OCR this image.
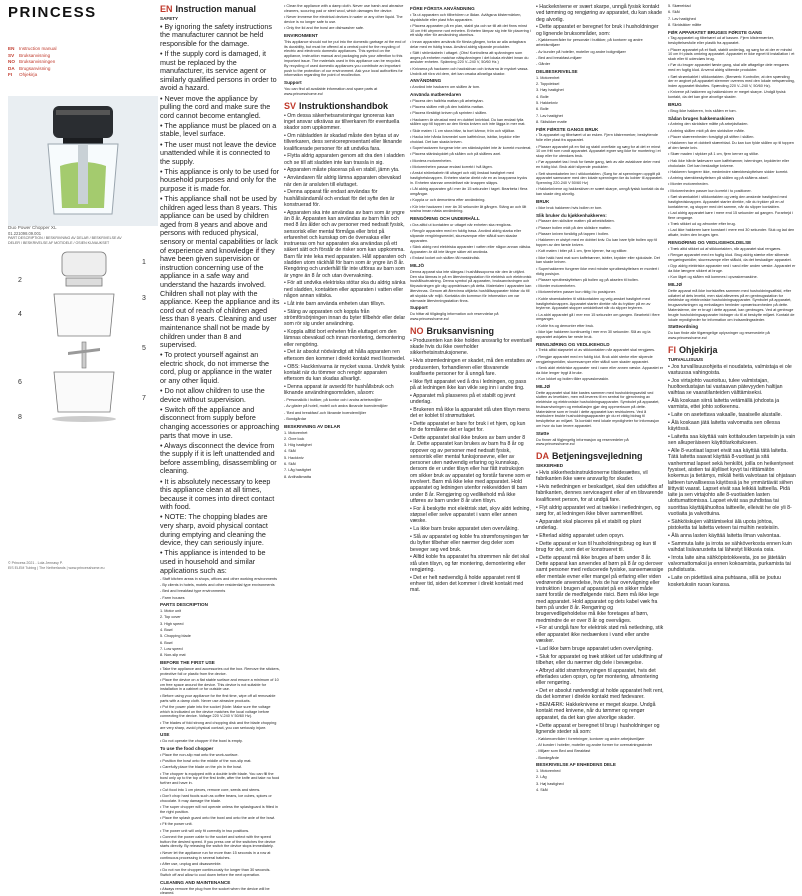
PRINCESS
EN Instruction manual
SV Bruksanvisning
NO Bruksanvisningen
DA Brugsanvisning
FI Ohjekirja
Duo Power Chopper XL
01.221098.09.001
PART DESCRIPTION / BESKRIVNING AV DELAR / BESKRIVELSE AV DELER / BESKRIVELSE AF MOTIDELE / OSIEN KUVAUKSET
1
2
3
4
5
6
7
8
© Princess 2021 - Lola Jennasy P.
ElS ELEM Tubing | The Netherlands | www.princesshome.eu
EN Instruction manual
SAFETY

• By ignoring the safety instructions the manufacturer cannot be held responsible for the damage.

• If the supply cord is damaged, it must be replaced by the manufacturer, its service agent or similarly qualified persons in order to avoid a hazard.

• Never move the appliance by pulling the cord and make sure the cord cannot become entangled.

• The appliance must be placed on a stable, level surface.

• The user must not leave the device unattended while it is connected to the supply.

• This appliance is only to be used for household purposes and only for the purpose it is made for.

• This appliance shall not be used by children aged less than 8 years. This appliance can be used by children aged from 8 years and above and persons with reduced physical, sensory or mental capabilities or lack of experience and knowledge if they have been given supervision or instruction concerning use of the appliance in a safe way and understand the hazards involved. Children shall not play with the appliance. Keep the appliance and its cord out of reach of children aged less than 8 years. Cleaning and user maintenance shall not be made by children under than 8 and supervised.

• To protect yourself against an electric shock, do not immerse the cord, plug or appliance in the water or any other liquid.

• Do not allow children to use the device without supervision.

• Switch off the appliance and disconnect from supply before changing accessories or approaching parts that move in use.

• Always disconnect the device from the supply if it is left unattended and before assembling, disassembling or cleaning.

• It is absolutely necessary to keep this appliance clean at all times, because it comes into direct contact with food.

• NOTE: The chopping blades are very sharp, avoid physical contact during emptying and cleaning the device, they can seriously injure.

• This appliance is intended to be used in household and similar applications such as:

- Staff kitchen areas in shops, offices and other working environments

- By clients in hotels, motels and other residential type environments

- Bed and breakfast type environments

- Farm houses

PARTS DESCRIPTION

1. Motor unit

2. Top cover

3. High speed

4. Bowl

5. Chopping blade

6. Bowl

7. Low speed

8. Non-slip mat

BEFORE THE FIRST USE

• Take the appliance and accessories out the box. Remove the stickers, protective foil or plastic from the device.

• Place the device on a flat stable surface and ensure a minimum of 10 cm free space around the device. This device is not suitable for installation in a cabinet or for outside use.

• Before using your appliance for the first time, wipe off all removable parts with a damp cloth. Never use abrasive products.

• Put the power plate into the socket (Note: Make sure the voltage which is indicated on the device matches the local voltage before connecting the device. Voltage 220 V-240 V 50/60 Hz).

• The blades of fold strong and chopping disk and the blade chopping are very sharp, avoid physical contact, you can seriously injure.

USE

• Do not operate the chopper if the bowl is empty.

To use the food chopper

• Place the non-slip mat onto the work-surface.

• Position the bowl onto the middle of the non-slip mat.

• Carefully place the blade on the pin in the bowl.

• The chopper is equipped with a double knife blade. You can fill the bowl only up to the top of the first knife, after the knife and take no food further and have in.

• Cut food into 1 cm pieces, remove core, seeds and stems.

• Don't chop hard foods such as coffee beans, ice cubes, spices or chocolate. It may damage the blade.

• The super chopper will not operate unless the splashguard is fitted in the right position.

• Place the splash guard onto the bowl and onto the axle of the bowl.

• Fit the power unit.

• The power unit will only fit correctly in two positions.

• Connect the power cable to the socket and select with the speed button the desired speed. If you press one of the switches the device starts directly. By releasing the switch the device stops immediately.

• Never let the appliance run for more than 15 seconds in a row at continuous processing in several batches.

• After use, unplug and disassemble.

• Do not run the chopper continuously for longer than 30 seconds. Switch off and allow to cool down before the next operation.

CLEANING AND MAINTENANCE

• Always remove the plug from the socket when the device will be cleaned.

• Clean the appliance with a damp cloth. Never use harsh and abrasive cleaners, scouring pad or steel wool, which damages the device.

• Never immerse the electrical devices in water or any other liquid. The device is no longer safe to use.

• Only the lid and the bowl are dishwasher safe.

ENVIRONMENT

This appliance should not be put into the domestic garbage at the end of its durability, but must be offered at a central point for the recycling of electric and electronic domestic appliances. This symbol on the appliance, instruction manual and packaging puts your attention to this important issue. The materials used in this appliance can be recycled. By recycling of used domestic appliances you contribute an important push to the protection of our environment. Ask your local authorities for information regarding the point of recollection.

Support

You can find all available information and spare parts at www.princesshome.eu!

SV Instruktionshandbok

• Om dessa säkerhetsanvisningar ignoreras kan inget ansvar utkrävas av tillverkaren för eventuella skador som uppkommer.

• Om nätsladden är skadad måste den bytas ut av tillverkaren, dess servicerepresentant eller liknande kvalificerade personer för att undvika fara.

• Flytta aldrig apparaten genom att dra den i sladden och se till att sladden inte kan trassla in sig.

• Apparaten måste placeras på en stabil, jämn yta.

• Användaren får aldrig lämna apparaten obevakad när den är ansluten till eluttaget.

• Denna apparat får endast användas för hushållsändamål och endast för det syfte den är konstruerad för.

• Apparaten ska inte användas av barn som är yngre än 8 år. Apparaten kan användas av barn från och med 8 års ålder och av personer med nedsatt fysisk, sensorisk eller mental förmåga eller brist på erfarenhet och kunskap om de övervakas eller instrueras om hur apparaten ska användas på ett säkert sätt och förstår de risker som kan uppkomma. Barn får inte leka med apparaten. Håll apparaten och sladden utom räckhåll för barn som är yngre än 8 år. Rengöring och underhåll får inte utföras av barn som är yngre än 8 år och utan övervakning.

• För att undvika elektriska stötar ska du aldrig sänka ned sladden, kontakten eller apparaten i vatten eller någon annan vätska.

• Låt inte barn använda enheten utan tillsyn.

• Stäng av apparaten och koppla från strömförsörjningen innan du byter tillbehör eller delar som rör sig under användning.

• Koppla alltid bort enheten från eluttaget om den lämnas obevakad och innan montering, demontering eller rengöring.

• Det är absolut nödvändigt att hålla apparaten ren eftersom den kommer i direkt kontakt med livsmedel.

• OBS: Hackknivarna är mycket vassa. Undvik fysisk kontakt när du tömmer och rengör apparaten eftersom du kan skadas allvarligt.

• Denna apparat är avsedd för hushållsbruk och liknande användningsområden, såsom:

- Personalkök i butiker, på kontor och i andra arbetsmiljöer

- Av gäster på hotell, motell och andra liknande boendemiljöer

- 'Bed and breakfast'-och liknande boendemiljöer

- Bondgårdar

BESKRIVNING AV DELAR

1. Motorenhet

2. Övre lock

3. Hög hastighet

4. Skål

5. Hackkniv

6. Skål

7. Låg hastighet

8. Antihalkmatta

FÖRE FÖRSTA ANVÄNDNING

• Ta ut apparaten och tillbehören ur lådan. Avlägsna klistermärken, skyddsfolie eller plast från apparaten.

• Placera apparaten på en plan, stabil yta och se till att det finns minst 10 cm fritt utrymme runt enheten. Enheten lämpar sig inte för placering i ett skåp eller för användning utomhus.

• Innan apparaten används för första gången, torka av alla avtagbara delar med en fuktig trasa. Använd aldrig slipande produkter.

• Sätt i strömkabeln i uttaget. (Obs! Kontrollera att spänningen som anges på enheten matchar nätspänningen i det lokala elnätet innan du ansluter enheten. Spänning 220 V–240 V, 50/60 Hz.)

• Knivarna på hackaren och hackskivan och knivarna är mycket vassa. Undvik att röra vid dem, det kan orsaka allvarliga skador.

ANVÄNDNING

• Använd inte hackaren om skålen är tom.

Använda matberedaren

• Placera den halkfria mattan på arbetsytan.

• Placera skålen mitt på den halkfria mattan.

• Placera försiktigt kniven på sprinten i skålen.

• Hackaren är utrustad med en dubbel knivblad. Du kan endast fylla skålen upp till toppen av den första kniven och inte lägga in mer mat.

• Skär maten i 1 cm stora bitar, ta bort kärnor, frön och stjälkar.

• Hacka inte hårda livsmedel som kaffebönor, isbitar, kryddor eller choklad. Det kan skada kniven.

• Superhackaren fungerar inte om stänkskyddet inte är korrekt monterat.

• Placera stänkskyddet på skålen och på skålens axel.

• Montera motorenheten.

• Motorenheten passar endast korrekt i två lägen.

• Anslut strömkabeln till uttaget och välj önskad hastighet med hastighetsknappen. Enheten startar direkt när en av knapparna trycks in. Enheten stannar omedelbart när knappen släpps.

• Låt aldrig apparaten gå i mer än 15 sekunder i taget. Bearbeta i flera omgångar.

• Koppla ur och demontera efter användning.

• Kör inte hackaren i mer än 30 sekunder åt gången. Stäng av och låt svalna innan nästa användning.

RENGÖRING OCH UNDERHÅLL

• Dra alltid ut kontakten ur uttaget när enheten ska rengöras.

• Rengör apparaten med en fuktig trasa. Använd aldrig starka eller slipande rengöringsmedel, skursvampar eller stålull som skadar apparaten.

• Sänk aldrig ned elektriska apparater i vatten eller någon annan vätska. Apparaten är då inte längre säker att använda.

• Endast locket och skålen tål maskindisk.

MILJÖ

Denna apparat ska inte slängas i hushållssoporna när den är uttjänt. Den ska lämnas in på en återvinningsstation för elektrisk och elektronisk hushållsutrustning. Denna symbol på apparaten, bruksanvisningen och förpackningen gör dig uppmärksam på detta. Materialen i apparaten kan återvinnas. Genom att återvinna uttjänta hushållsapparater bidrar du till att skydda vår miljö. Kontakta din kommun för information om var närmaste återvinningsstation finns.

Support

Du hittar all tillgänglig information och reservdelar på www.princesshome.eu!

NO Bruksanvisning

• Produsenten kan ikke holdes ansvarlig for eventuell skade hvis du ikke overholder sikkerhetsinstruksjonene.

• Hvis strømledningen er skadet, må den erstattes av produsenten, forhandleren eller tilsvarende kvalifiserte personer for å unngå fare.

• Ikke flytt apparatet ved å dra i ledningen, og pass på at ledningen ikke kan vikle seg inn i andre ting.

• Apparatet må plasseres på et stabilt og jevnt underlag.

• Brukeren må ikke la apparatet stå uten tilsyn mens det er koblet til strømuttaket.

• Dette apparatet er bare for bruk i et hjem, og kun for de formålene det er laget for.

• Dette apparatet skal ikke brukes av barn under 8 år. Dette apparatet kan brukes av barn fra 8 år og oppover og av personer med nedsatt fysisk, sensorisk eller mental funksjonsevne, eller av personer uten nødvendig erfaring og kunnskap, dersom de er under tilsyn eller har fått instruksjon om sikker bruk av apparatet og forstår farene som er involvert. Barn må ikke leke med apparatet. Hold apparatet og ledningen utenfor rekkevidden til barn under 8 år. Rengjøring og vedlikehold må ikke utføres av barn under 8 år uten tilsyn.

• For å beskytte mot elektrisk støt, skyv aldri ledning, støpsel eller selve apparatet i vann eller annen væske.

• La ikke barn bruke apparatet uten overvåking.

• Slå av apparatet og koble fra strømforsyningen før du bytter tilbehør eller nærmer deg deler som beveger seg ved bruk.

• Alltid koble fra apparatet fra strømmen når det skal stå uten tilsyn, og før montering, demontering eller rengjøring.

• Det er helt nødvendig å holde apparatet rent til enhver tid, siden det kommer i direkt kontakt med mat.

• Hackeknivene er svært skarpe, unngå fysisk kontakt ved tømming og rengjøring av apparatet, du kan skade deg alvorlig.

• Dette apparatet er beregnet for bruk i husholdninger og lignende bruksområder, som:

- Kjøkkenområder for personale i butikker, på kontorer og andre arbeidsmiljøer

- Av kunder på hoteller, moteller og andre boligmiljøer

- Bed and breakfast-miljøer

- Gårder

DELBESKRIVELSE

1. Motorenhet

2. Toppdeksel

3. Høy hastighet

4. Bolle

5. Hakkekniv

6. Bolle

7. Lav hastighet

8. Sklisikker matte

FØR FØRSTE GANGS BRUK

• Ta apparatet og tilbehøret ut av esken. Fjern klistremerker, beskyttende folie eller plast fra apparatet.

• Plasser apparatet på en flat og stabil overflate og sørg for at det er minst 10 cm fritt rom rundt apparatet. Apparatet egner seg ikke for montering i et skap eller for utendørs bruk.

• Før apparatet tas i bruk for første gang, tørk av alle avtakbare deler med en fuktig klut. Bruk aldri slipende produkter.

• Sett strømkabelen inn i stikkontakten. (Sørg for at spenningen oppgitt på apparatet samsvarer med den lokale spenningen før du kobler til apparatet. Spenning 220-240 V 50/60 Hz)

• Hakkeknivene og hakkeskiven er svært skarpe, unngå fysisk kontakt da du kan skade deg alvorlig.

BRUK

• Ikke bruk hakkeren hvis bollen er tom.

Slik bruker du kjøkkenhakkeren:

• Plasser den sklisikre matten på arbeidsflaten.

• Plasser bollen midt på den sklisikre matten.

• Plasser kniven forsiktig på tappen i bollen.

• Hakkeren er utstyrt med en dobbel kniv. Du kan bare fylle bollen opp til toppen av den første kniven.

• Kutt maten i biter på 1 cm, fjern kjerner, frø og stilker.

• Ikke hakk hard mat som kaffebønner, isbiter, krydder eller sjokolade. Det kan skade kniven.

• Superhakkeren fungerer ikke med mindre sprutbeskyttelsen er montert i riktig posisjon.

• Plasser sprutbeskyttelsen på bollen og på akselen til bollen.

• Monter motorenheten.

• Motorenheten passer kun riktig i to posisjoner.

• Koble strømkabelen til stikkontakten og velg ønsket hastighet med hastighetsknappen. Apparatet starter direkte når du trykker på en av bryterne. Apparatet stopper umiddelbart når du slipper bryteren.

• La aldri apparatet gå i mer enn 15 sekunder om gangen. Bearbeid i flere omganger.

• Koble fra og demonter etter bruk.

• Ikke kjør hakkeren kontinuerlig i mer enn 30 sekunder. Slå av og la apparatet avkjøles før neste bruk.

RENGJØRING OG VEDLIKEHOLD

• Trekk alltid støpselet ut av stikkontakten når apparatet skal rengjøres.

• Rengjør apparatet med en fuktig klut. Bruk aldri sterke eller slipende rengjøringsmidler, skuresvamper eller stålull som skader apparatet.

• Senk aldri elektriske apparater ned i vann eller annen væske. Apparatet er da ikke lenger trygt å bruke.

• Kun lokket og bollen tåler oppvaskmaskin.

MILJØ

Dette apparatet skal ikke kastes sammen med husholdningsavfall ved slutten av levetiden, men må leveres til en sentral for gjenvinning av elektriske og elektroniske husholdningsapparater. Symbolet på apparatet, bruksanvisningen og emballasjen gjør deg oppmerksom på dette. Materialene som er brukt i dette apparatet kan resirkuleres. Ved å resirkulere brukte husholdningsapparater gir du et viktig bidrag til beskyttelse av miljøet. Ta kontakt med lokale myndigheter for informasjon om hvor du kan levere apparatet.

Støtte

Du finner all tilgjengelig informasjon og reservedeler på www.princesshome.eu!

DA Betjeningsvejledning
SIKKERHED

• Hvis sikkerhedsinstruktionerne tilsidesættes, vil fabrikanten ikke være ansvarlig for skader.

• Hvis netledningen er beskadiget, skal den udskiftes af fabrikanten, dennes serviceagent eller af en tilsvarende kvalificeret person, for at undgå fare.

• Flyt aldrig apparatet ved at trække i netledningen, og sørg for, at ledningen ikke bliver sammenfiltret.

• Apparatet skal placeres på et stabilt og plant underlag.

• Efterlad aldrig apparatet uden opsyn.

• Dette apparat er kun til husholdningsbrug og kun til brug for det, som det er konstrueret til.

• Dette apparat må ikke bruges af børn under 8 år. Dette apparat kan anvendes af børn på 8 år og derover samt personer med reducerede fysiske, sansemæssige eller mentale evner eller mangel på erfaring eller viden vedrørende anvendelse, hvis de har overvågning eller instruktion i brugen af apparatet på en sikker måde samt forstår de medfølgende risici. Børn må ikke lege med apparatet. Hold apparatet og dets kabel væk fra børn på under 8 år. Rengøring og brugervedligeholdelse må ikke foretages af børn, medmindre de er over 8 år og overvåges.

• For at undgå fare for elektrisk stød må netledning, stik eller apparatet ikke nedsænkes i vand eller andre væsker.

• Lad ikke børn bruge apparatet uden overvågning.

• Sluk for apparatet og træk stikket ud før udskiftning af tilbehør, eller du nærmer dig dele i bevægelse.

• Afbryd altid strømforsyningen til apparatet, hvis det efterlades uden opsyn, og før montering, afmontering eller rengøring.

• Det er absolut nødvendigt at holde apparatet helt rent, da det kommer i direkte kontakt med fødevarer.

• BEMÆRK: Hakkeknivene er meget skarpe. Undgå kontakt med knivene, når du tømmer og rengør apparatet, da det kan give alvorlige skader.

• Dette apparat er beregnet til brug i husholdninger og lignende steder så som:

- Køkkenområder i forretninger, kontorer og andre arbejdsmiljøer

- Af kunder i hoteller, moteller og andre former for overnatningssteder

- Miljøer som Bed and Breakfast

- Bondegårde

BESKRIVELSE AF ENHEDENS DELE

1. Motorenhed

2. Låg

3. Høj hastighed

4. Skål

5. Skæreblad

6. Skål

7. Lav hastighed

8. Skridsikker måtte

FØR APPARATET BRUGES FØRSTE GANG

• Tag apparatet og tilbehøret ud af kassen. Fjern klistermærker, beskyttelsesfolie eller plastik fra apparatet.

• Placer apparatet på et fladt, stabilt underlag, og sørg for at der er mindst 10 cm fri plads omkring apparatet. Apparatet er ikke egnet til installation i et skab eller til udendørs brug.

• Før du bruger apparatet første gang, skal alle aftagelige dele rengøres med en fugtig klud. Anvend aldrig slibende produkter.

• Sæt strømkablet i stikkontakten. (Bemærk: Kontroller, at den spænding der er angivet på apparatet stemmer overens med den lokale netspænding, inden apparatet tilsluttes. Spænding 220 V–240 V, 50/60 Hz).

• Knivene på hakkeren og hakkeskiven er meget skarpe. Undgå fysisk kontakt, da det kan give alvorlige skader.

BRUG

• Brug ikke hakkeren, hvis skålen er tom.

Sådan bruges hakkemaskinen

• Anbring den skridsikre måtte på arbejdsfladen.

• Anbring skålen midt på den skridsikre måtte.

• Placer skæreenheden forsigtigt på stiften i skålen.

• Hakkeren har et dobbelt skæreblad. Du kan kun fylde skålen op til toppen af den første kniv.

• Skær maden i stykker på 1 cm, fjern kerner og stilke.

• Hak ikke hårde fødevarer som kaffebønner, isterninger, krydderier eller chokolade. Det kan beskadige knivene.

• Hakkeren fungerer ikke, medmindre stænkbeskyttelsen sidder korrekt.

• Anbring stænkbeskyttelsen på skålen og på skålens aksel.

• Monter motorenheden.

• Motorenheden passer kun korrekt i to positioner.

• Sæt strømkablet i stikkontakten og vælg den ønskede hastighed med hastighedsknappen. Apparatet starter direkte, når du trykker på en af kontakterne, og stopper med det samme, når du slipper kontakten.

• Lad aldrig apparatet køre i mere end 15 sekunder ad gangen. Forarbejd i flere omgange.

• Træk stikket ud og afmonter efter brug.

• Lad ikke hakkeren køre konstant i mere end 30 sekunder. Sluk og lad den afkøle, inden den bruges igen.

RENGØRING OG VEDLIGEHOLDELSE

• Træk altid stikket ud af stikkontakten, når apparatet skal rengøres.

• Rengør apparatet med en fugtig klud. Brug aldrig stærke eller slibende rengøringsmidler, skuresvampe eller ståluld, da det beskadiger apparatet.

• Dyp aldrig elektriske apparater ned i vand eller anden væske. Apparatet er da ikke længere sikkert at bruge.

• Kun låget og skålen må kommes i opvaskemaskine.

MILJØ

Dette apparat må ikke bortskaffes sammen med husholdningsaffald, efter udløbet af dets levetid, men skal afleveres på en genbrugsstation for elektriske og elektroniske husholdningsapparater. Symbolet på apparatet, brugsanvisningen og emballagen henleder opmærksomheden på dette. Materialerne, der er brugt i dette apparat, kan genbruges. Ved at genbruge brugte husholdningsapparater bidrager du til at beskytte miljøet. Kontakt de lokale myndigheder for information om indsamlingssteder.

Støtteordning

Du kan finde alle tilgængelige oplysninger og reservedele på www.princesshome.eu!

FI Ohjekirja
TURVALLISUUS

• Jos turvallisuusohjeita ei noudateta, valmistaja ei ole vastuussa vahingoista.

• Jos virtajohto vaurioituu, tulee valmistajan, huoltoedustajan tai vastaavan pätevyyden haltijan vaihtaa se vaaratilanteiden välttämiseksi.

• Älä koskaan siirrä laitetta vetämällä johdosta ja varmista, ettei johto sotkeennu.

• Laite on asetettava vakaalle, tasaiselle alustalle.

• Älä koskaan jätä laitetta valvomatta sen ollessa käytössä.

• Laitetta saa käyttää vain kotitalouden tarpeisiin ja vain sen alkuperäiseen käyttötarkoitukseen.

• Alle 8-vuotiaat lapset eivät saa käyttää tätä laitetta. Tätä laitetta saavat käyttää 8-vuotiaat ja sitä vanhemmat lapset sekä henkilöt, joilla on heikentyneet fyysiset, aistien tai älylliset kyvyt tai riittämätön kokemus ja tietämys, mikäli heitä valvotaan tai ohjataan laitteen turvallisessa käytössä ja he ymmärtävät siihen liittyvät vaarat. Lapset eivät saa leikkiä laitteella. Pidä laite ja sen virtajohto alle 8-vuotiaiden lasten ulottumattomissa. Lapset eivät saa puhdistaa tai suorittaa käyttäjähuoltoa laitteelle, elleivät he ole yli 8-vuotiaita ja valvottuina.

• Sähköiskujen välttämiseksi älä upota johtoa, pistoketta tai laitetta veteen tai muihin nesteisiin.

• Älä anna lasten käyttää laitetta ilman valvontaa.

• Sammuta laite ja irrota se sähköverkosta ennen kuin vaihdat lisävarusteita tai lähestyt liikkuvia osia.

• Irrota laite aina sähköpistokkeesta, jos se jätetään valvomattomaksi ja ennen kokoamista, purkamista tai puhdistusta.

• Laite on pidettävä aina puhtaana, sillä se joutuu kosketuksiin ruoan kanssa.
